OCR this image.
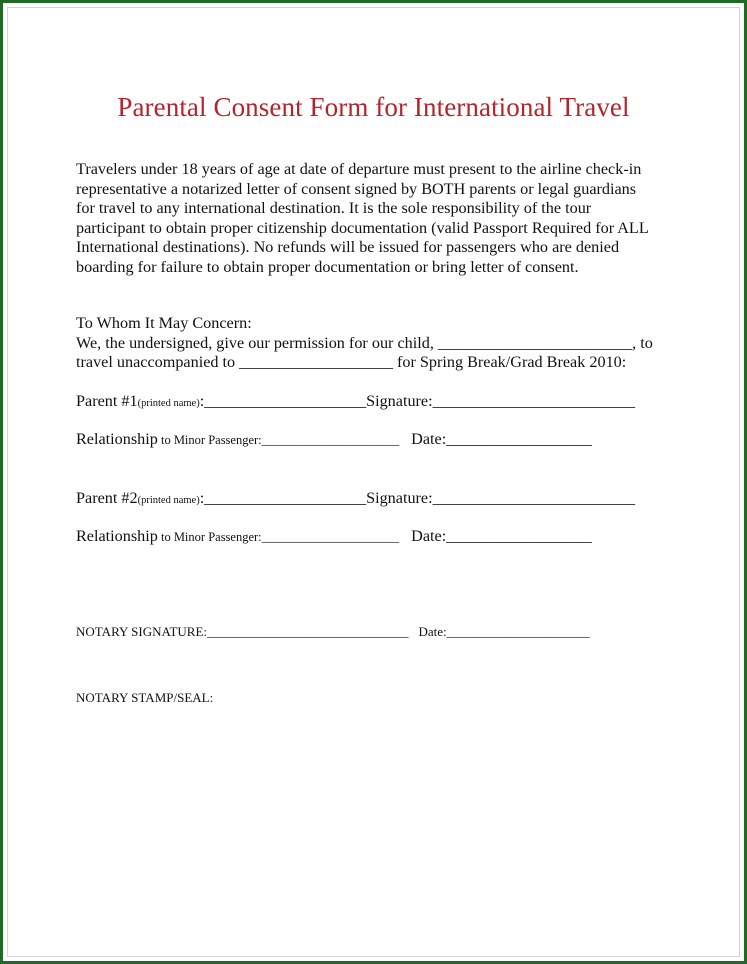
Parental Consent Form for International Travel
Travelers under 18 years of age at date of departure must present to the airline check-in
representative a notarized letter of consent signed by BOTH parents or legal guardians
for travel to any international destination. It is the sole responsibility of the tour
participant to obtain proper citizenship documentation (valid Passport Required for ALL
International destinations). No refunds will be issued for passengers who are denied
boarding for failure to obtain proper documentation or bring letter of consent.
To Whom It May Concern:
We, the undersigned, give our permission for our child, ________________________, to
travel unaccompanied to ___________________ for Spring Break/Grad Break 2010:
Parent #1(printed name):____________________Signature:_________________________
Relationship to Minor Passenger:______________________ Date:__________________
Parent #2(printed name):____________________Signature:_________________________
Relationship to Minor Passenger:______________________ Date:__________________
NOTARY SIGNATURE:_______________________________ Date:______________________
NOTARY STAMP/SEAL:
